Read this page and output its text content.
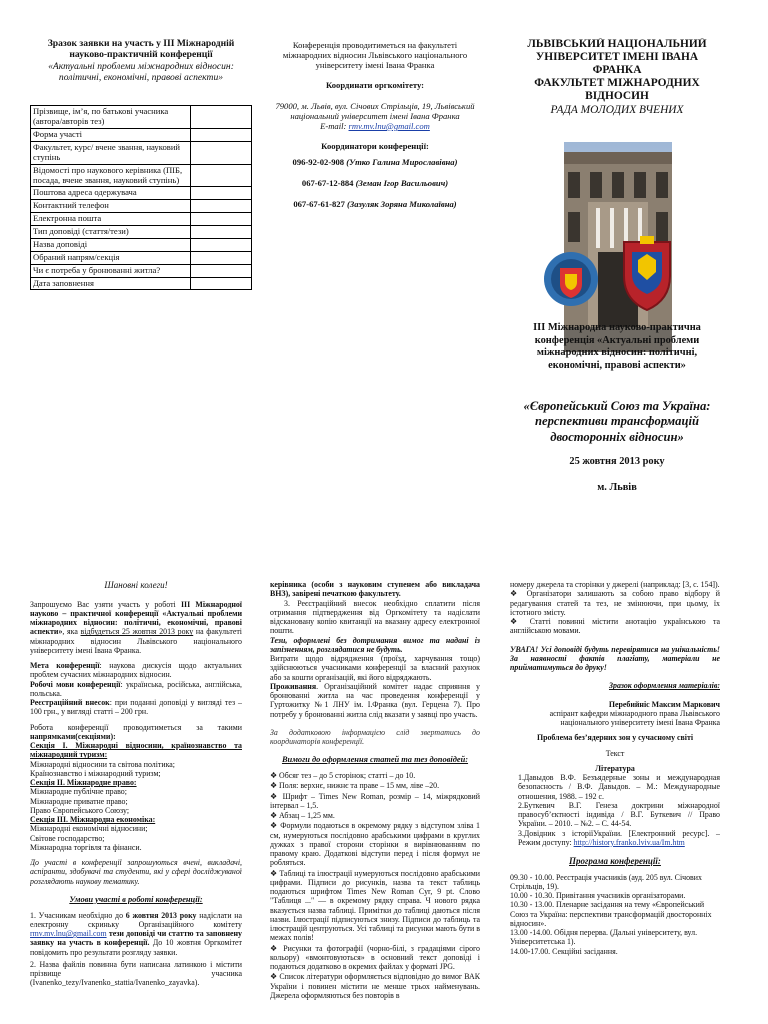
Зразок заявки на участь у ІІІ Міжнародній науково-практичній конференції
«Актуальні проблеми міжнародних відносин: політичні, економічні, правові аспекти»
Прізвище, ім’я, по батькові учасника (автора/авторів тез)	
Форма участі	
Факультет, курс/ вчене звання, науковий ступінь	
Відомості про наукового керівника (ПІБ, посада, вчене звання, науковий ступінь)	
Поштова адреса одержувача	
Контактний телефон	
Електронна пошта	
Тип доповіді (стаття/тези)	
Назва доповіді	
Обраний напрям/секція	
Чи є потреба у бронюванні житла?	
Дата заповнення	

Конференція проводитиметься на факультеті міжнародних відносин Львівського національного університету імені Івана Франка

Координати оргкомітету:

79000, м. Львів, вул. Січових Стрільців, 19, Львівський національний університет імені Івана Франка
E-mail: rmv.mv.lnu@gmail.com

Координатори конференції:

096-92-02-908 (Утко Галина Мирославівна)

067-67-12-884 (Земан Ігор Васильович)

067-67-61-827 (Зазуляк Зоряна Миколаївна)

ЛЬВІВСЬКИЙ НАЦІОНАЛЬНИЙ УНІВЕРСИТЕТ ІМЕНІ ІВАНА ФРАНКА
ФАКУЛЬТЕТ МІЖНАРОДНИХ ВІДНОСИН
РАДА МОЛОДИХ ВЧЕНИХ
ІІІ Міжнародна науково-практична конференція «Актуальні проблеми міжнародних відносин: політичні, економічні, правові аспекти»
«Європейський Союз та Україна: перспективи трансформацій двосторонніх відносин»
25 жовтня 2013 року
м. Львів

Шановні колеги!

Запрошуємо Вас узяти участь у роботі ІІІ Міжнародної науково – практичної конференції «Актуальні проблеми міжнародних відносин: політичні, економічні, правові аспекти», яка відбудеться 25 жовтня 2013 року на факультеті міжнародних відносин Львівського національного університету імені Івана Франка.

Мета конференції: наукова дискусія щодо актуальних проблем сучасних міжнародних відносин.

Робочі мови конференції: українська, російська, англійська, польська.

Реєстраційний внесок: при поданні доповіді у вигляді тез – 100 грн., у вигляді статті – 200 грн.

Робота конференції проводитиметься за такими напрямками(секціями):

Секція І. Міжнародні відносини, країнознавство та міжнародний туризм:

Міжнародні відносини та світова політика;

Країнознавство і міжнародний туризм;

Секція ІІ. Міжнародне право:

Міжнародне публічне право;

Міжнародне приватне право;

Право Європейського Союзу;

Секція ІІІ. Міжнародна економіка:

Міжнародні економічні відносини;

Світове господарство;

Міжнародна торгівля та фінанси.

До участі в конференції запрошуються вчені, викладачі, аспіранти, здобувачі та студенти, які у сфері досліджуваної розглядають наукову тематику.

Умови участі в роботі конференції:

1. Учасникам необхідно до 6 жовтня 2013 року надіслати на електронну скриньку Організаційного комітету rmv.mv.lnu@gmail.com тези доповіді чи статтю та заповнену заявку на участь в конференції. До 10 жовтня Оргкомітет повідомить про результати розгляду заявки.

2. Назва файлів повинна бути написана латинкою і містити прізвище учасника (Ivanenko_tezy/Ivanenko_stattia/Ivanenko_zayavka).

керівника (особи з науковим ступенем або викладача ВНЗ), завірені печаткою факультету.

3. Реєстраційний внесок необхідно сплатити після отримання підтвердження від Оргкомітету та надіслати відскановану копію квитанції на вказану адресу електронної пошти.

Тези, оформлені без дотримання вимог та надані із запізненням, розглядатися не будуть.

Витрати щодо відрядження (проїзд, харчування тощо) здійснюються учасниками конференції за власний рахунок або за кошти організацій, які його відряджають.

Проживання. Організаційний комітет надає сприяння у бронюванні житла на час проведення конференції у Гуртожитку №1 ЛНУ ім. І.Франка (вул. Герцена 7). Про потребу у бронюванні житла слід вказати у заявці про участь.

За додатковою інформацією слід звертатись до координаторів конференції.

Вимоги до оформлення статей та тез доповідей:

❖ Обсяг тез – до 5 сторінок; статті – до 10.

❖ Поля: верхнє, нижнє та праве – 15 мм, ліве –20.

❖ Шрифт – Times New Roman, розмір – 14, міжрядковий інтервал – 1,5.

❖ Абзац – 1,25 мм.

❖ Формули подаються в окремому рядку з відступом зліва 1 см, нумеруються послідовно арабськими цифрами в круглих дужках з правої сторони сторінки я вирівнюванням по правому краю. Додаткові відступи перед і після формул не робляться.

❖ Таблиці та ілюстрації нумеруються послідовно арабськими цифрами. Підписи до рисунків, назва та текст таблиць подаються шрифтом Times New Roman Cyr, 9 pt. Слово "Таблиця ..." — в окремому рядку справа. Ч нового рядка вказується назва таблиці. Примітки до таблиці даються після назви. Ілюстрації підписуються знизу. Підписи до таблиць та ілюстрацій центруються. Усі таблиці та рисунки мають бути в межах полів!

❖ Рисунки та фотографії (чорно-білі, з градаціями сірого кольору) «вмонтовуються» в основний текст доповіді і подаються додатково в окремих файлах у форматі JPG.

❖ Список літератури оформляється відповідно до вимог ВАК України і повинен містити не менше трьох найменувань. Джерела оформляються без повторів в

номеру джерела та сторінки у джерелі (наприклад: [3, с. 154]).

❖ Організатори залишають за собою право відбору й редагування статей та тез, не змінюючи, при цьому, їх істотного змісту.

❖ Статті повинні містити анотацію українською та англійською мовами.

УВАГА! Усі доповіді будуть перевірятися на унікальність! За наявності фактів плагіату, матеріали не прийматимуться до друку!

Зразок оформлення матеріалів:

Перебийніс Максим Маркович

аспірант кафедри міжнародного права Львівського національного університету імені Івана Франка

Проблема без’ядерних зон у сучасному світі

Текст

Література

1.Давыдов В.Ф. Безъядерные зоны и международная безопасность / В.Ф. Давыдов. – М.: Международные отношения, 1988. – 192 с.

2.Буткевич В.Г. Генеза доктрини міжнародної правосуб’єктності індивіда / В.Г. Буткевич // Право України. – 2010. – №2. – С. 44-54.

3.Довідник з історіїУкраїни. [Електронний ресурс]. – Режим доступу: http://history.franko.lviv.ua/Im.htm

Програма конференції:

09.30 - 10.00. Реєстрація учасників (ауд. 205 вул. Січових Стрільців, 19).

10.00 - 10.30. Привітання учасників організаторами.

10.30 - 13.00. Пленарне засідання на тему «Європейський Союз та Україна: перспективи трансформацій двосторонніх відносин».

13.00 -14.00. Обідня перерва. (Дальні університету, вул. Університетська 1).

14.00-17.00. Секційні засідання.
